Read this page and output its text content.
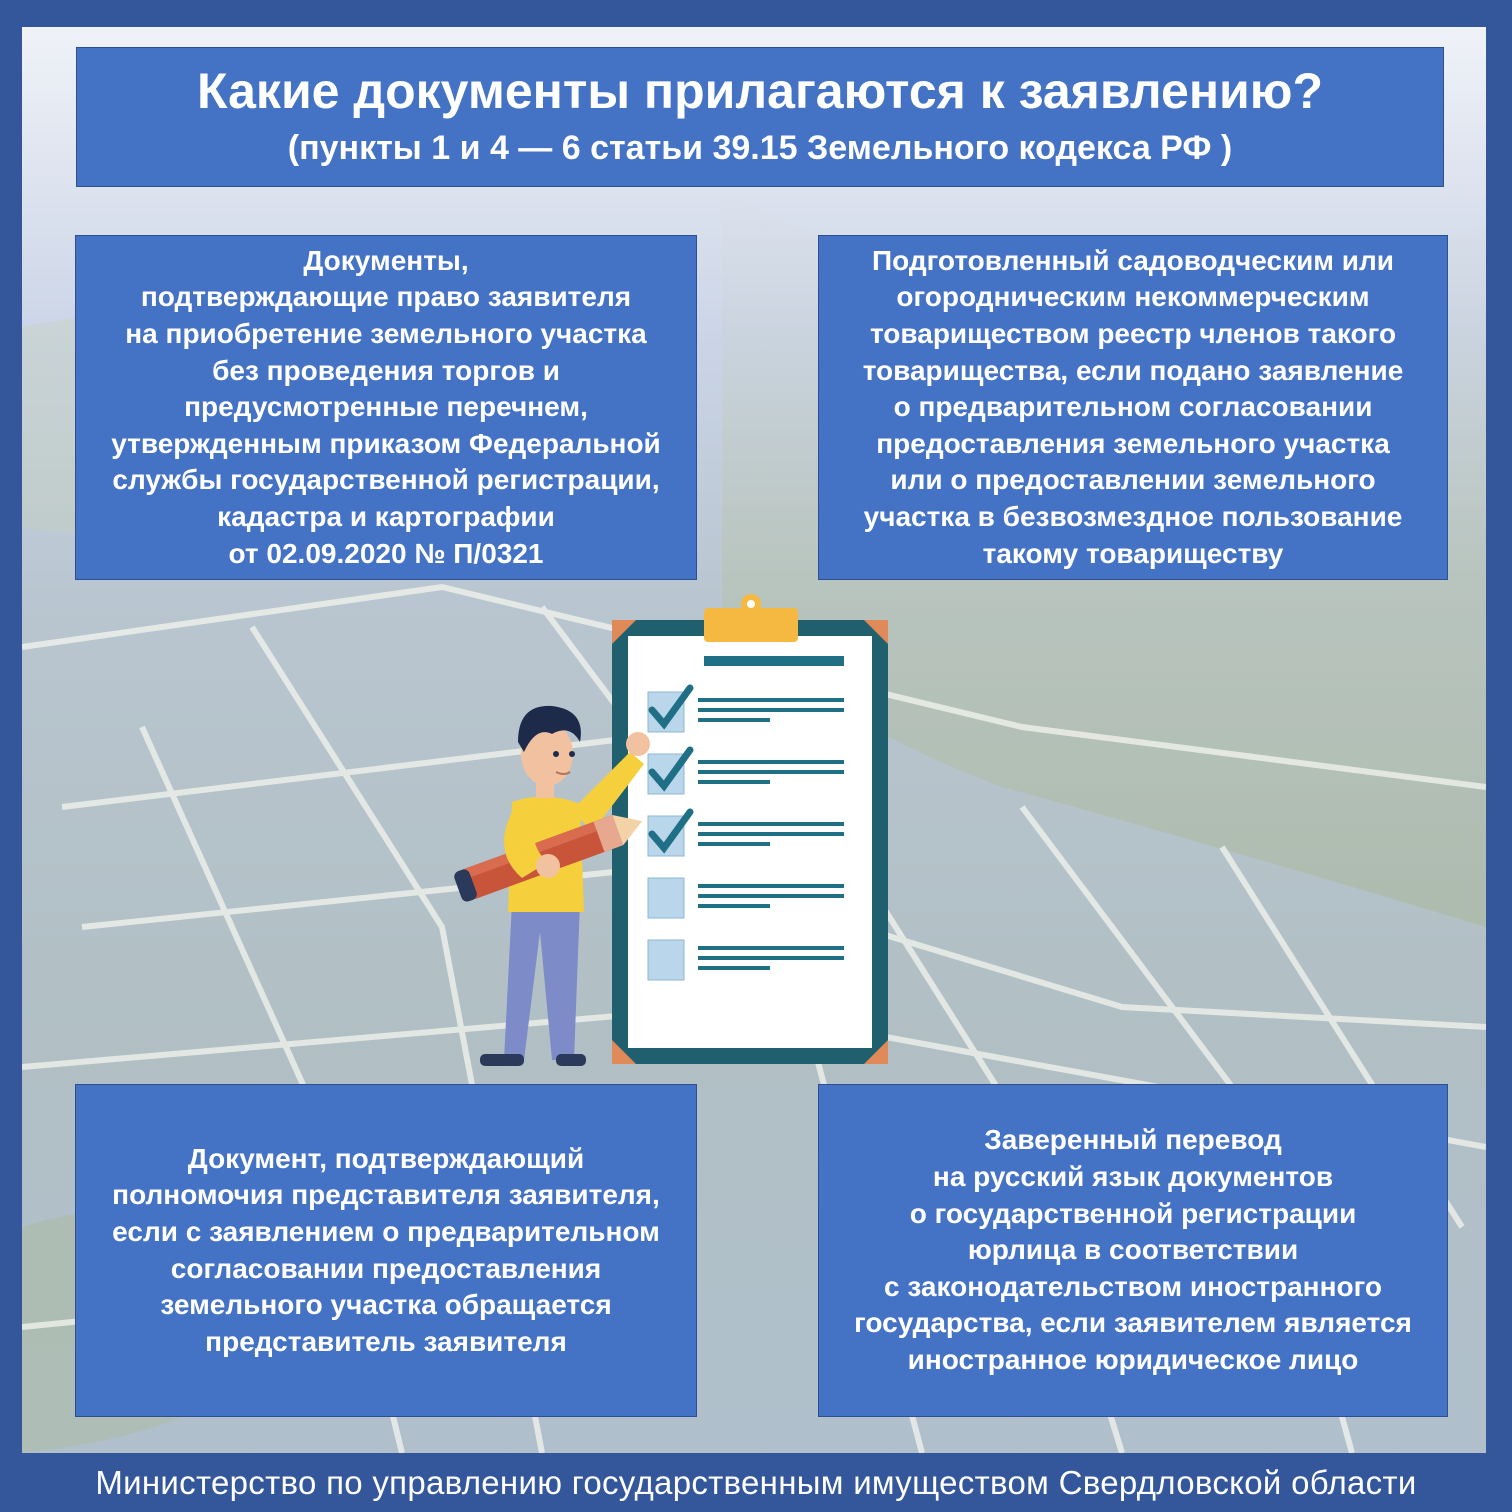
Какие документы прилагаются к заявлению?
(пункты 1 и 4 — 6 статьи 39.15 Земельного кодекса РФ )
Документы,
подтверждающие право заявителя
на приобретение земельного участка
без проведения торгов и
предусмотренные перечнем,
утвержденным приказом Федеральной
службы государственной регистрации,
кадастра и картографии
от 02.09.2020 № П/0321
Подготовленный садоводческим или
огородническим некоммерческим
товариществом реестр членов такого
товарищества, если подано заявление
о предварительном согласовании
предоставления земельного участка
или о предоставлении земельного
участка в безвозмездное пользование
такому товариществу
Документ, подтверждающий
полномочия представителя заявителя,
если с заявлением о предварительном
согласовании предоставления
земельного участка обращается
представитель заявителя
Заверенный перевод
на русский язык документов
о государственной регистрации
юрлица в соответствии
с законодательством иностранного
государства, если заявителем является
иностранное юридическое лицо
Министерство по управлению государственным имуществом Свердловской области
